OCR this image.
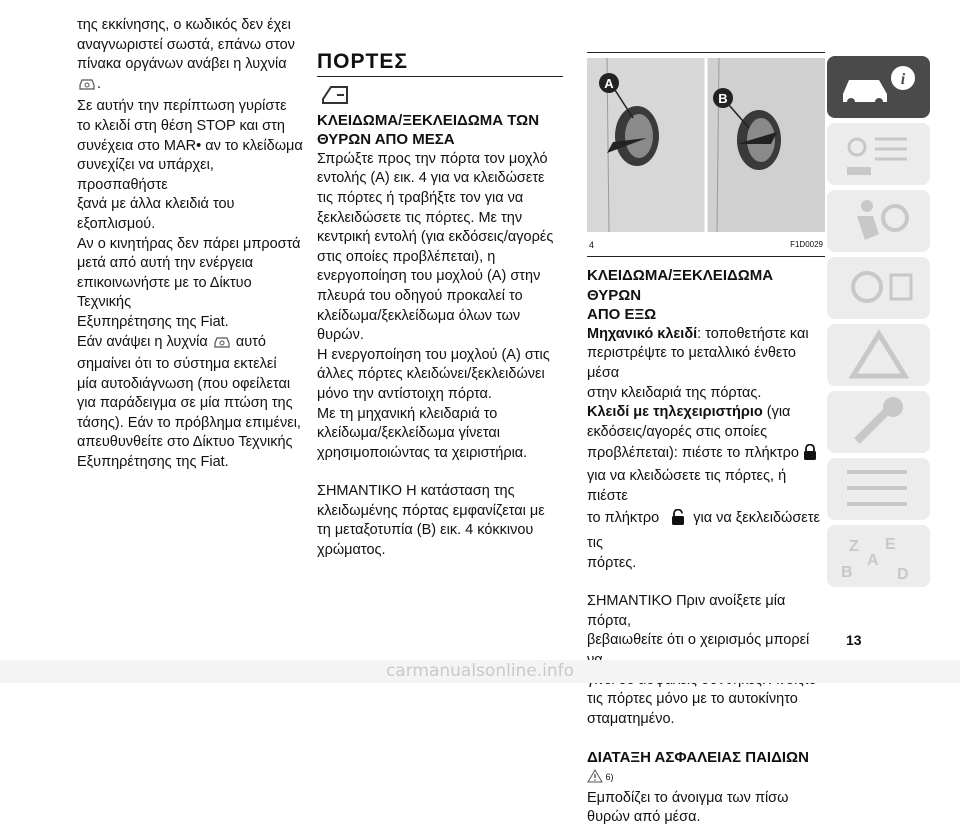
της εκκίνησης, ο κωδικός δεν έχει

αναγνωριστεί σωστά, επάνω στον

πίνακα οργάνων ανάβει η λυχνία .

Σε αυτήν την περίπτωση γυρίστε

το κλειδί στη θέση STOP και στη

συνέχεια στο MAR• αν το κλείδωμα

συνεχίζει να υπάρχει, προσπαθήστε

ξανά με άλλα κλειδιά του εξοπλισμού.

Αν ο κινητήρας δεν πάρει μπροστά

μετά από αυτή την ενέργεια

επικοινωνήστε με το Δίκτυο Τεχνικής

Εξυπηρέτησης της Fiat.

Εάν ανάψει η λυχνία αυτό

σημαίνει ότι το σύστημα εκτελεί

μία αυτοδιάγνωση (που οφείλεται

για παράδειγμα σε μία πτώση της

τάσης). Εάν το πρόβλημα επιμένει,

απευθυνθείτε στο Δίκτυο Τεχνικής

Εξυπηρέτησης της Fiat.

ΠΟΡΤΕΣ

ΚΛΕΙΔΩΜΑ/ΞΕΚΛΕΙΔΩΜΑ ΤΩΝ

ΘΥΡΩΝ ΑΠΟ ΜΕΣΑ

Σπρώξτε προς την πόρτα τον μοχλό

εντολής (A) εικ. 4 για να κλειδώσετε

τις πόρτες ή τραβήξτε τον για να

ξεκλειδώσετε τις πόρτες. Με την

κεντρική εντολή (για εκδόσεις/αγορές

στις οποίες προβλέπεται), η

ενεργοποίηση του μοχλού (A) στην

πλευρά του οδηγού προκαλεί το

κλείδωμα/ξεκλείδωμα όλων των

θυρών.

Η ενεργοποίηση του μοχλού (A) στις

άλλες πόρτες κλειδώνει/ξεκλειδώνει

μόνο την αντίστοιχη πόρτα.

Με τη μηχανική κλειδαριά το

κλείδωμα/ξεκλείδωμα γίνεται

χρησιμοποιώντας τα χειριστήρια.

ΣΗΜΑΝΤΙΚΟ Η κατάσταση της

κλειδωμένης πόρτας εμφανίζεται με

τη μεταξοτυπία (B) εικ. 4 κόκκινου

χρώματος.

A
B
4	F1D0029

ΚΛΕΙΔΩΜΑ/ΞΕΚΛΕΙΔΩΜΑ ΘΥΡΩΝ

ΑΠΟ ΕΞΩ

Μηχανικό κλειδί: τοποθετήστε και

περιστρέψτε το μεταλλικό ένθετο μέσα

στην κλειδαριά της πόρτας.

Κλειδί με τηλεχειριστήριο (για

εκδόσεις/αγορές στις οποίες

προβλέπεται): πιέστε το πλήκτρο

για να κλειδώσετε τις πόρτες, ή πιέστε

το πλήκτρο για να ξεκλειδώσετε τις

πόρτες.

ΣΗΜΑΝΤΙΚΟ Πριν ανοίξετε μία πόρτα,

βεβαιωθείτε ότι ο χειρισμός μπορεί

τις πόρτες μόνο με το αυτοκίνητο

σταματημένο.

ΔΙΑΤΑΞΗ ΑΣΦΑΛΕΙΑΣ ΠΑΙΔΙΩΝ

6)

Εμποδίζει το άνοιγμα των πίσω

θυρών από μέσα.

i
Z E
A
B	D
13
carmanualsonline.info
